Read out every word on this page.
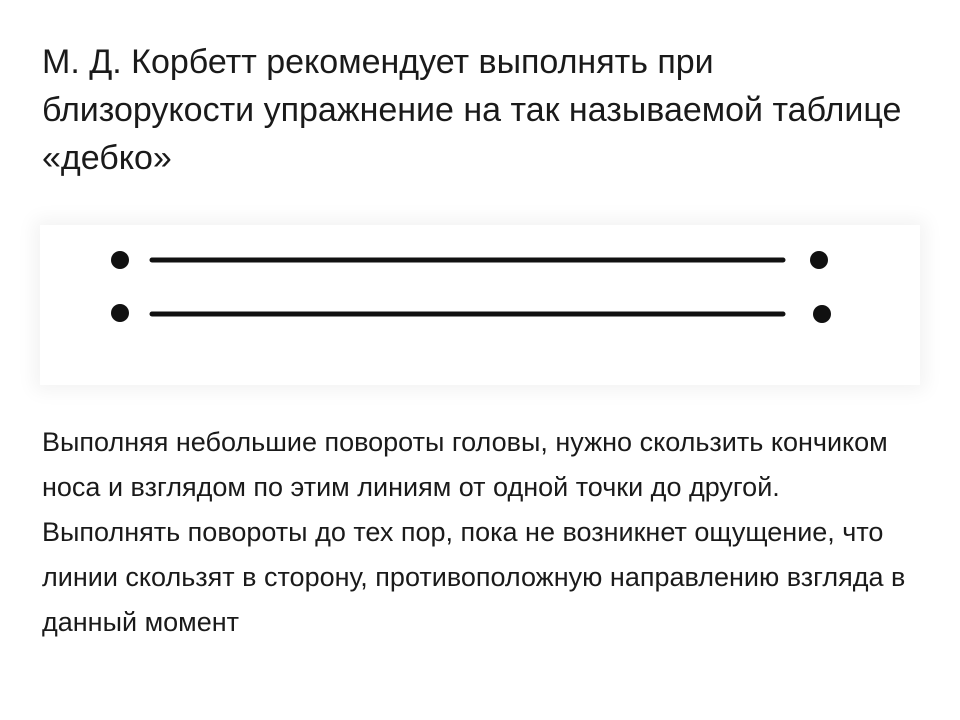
М. Д. Корбетт рекомендует выполнять при близорукости упражнение на так называемой таблице «дебко»

Выполняя небольшие повороты головы, нужно скользить кончиком носа и взглядом по этим линиям от одной точки до другой. Выполнять повороты до тех пор, пока не возникнет ощущение, что линии скользят в сторону, противоположную направлению взгляда в данный момент
